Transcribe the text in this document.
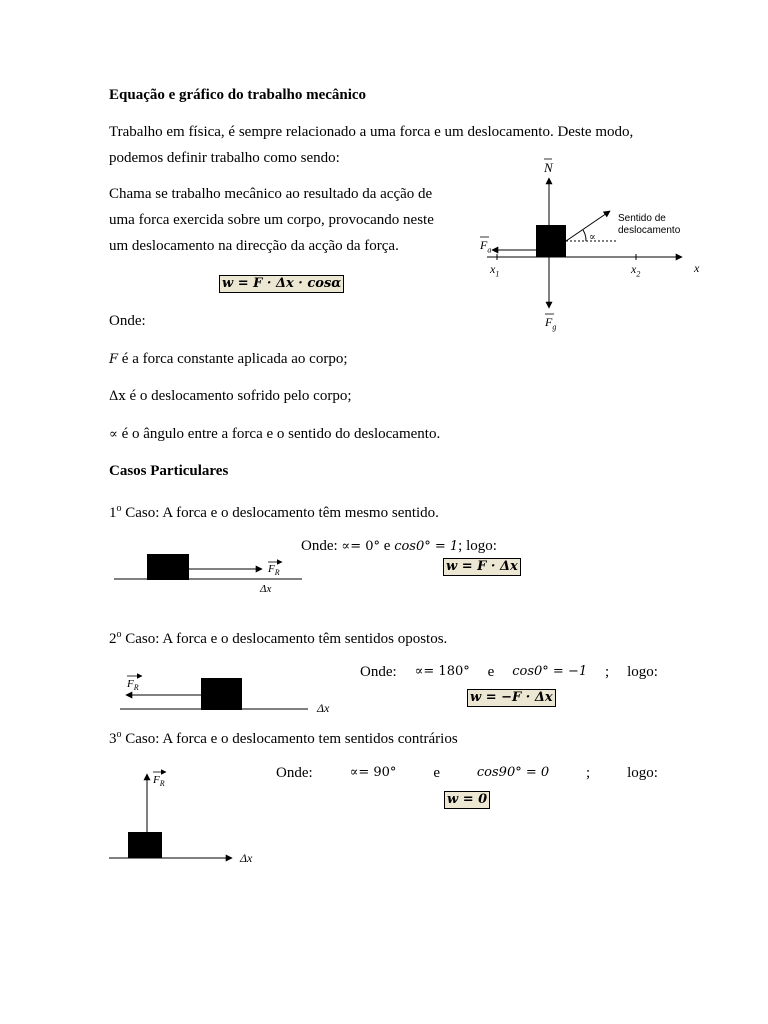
Equação e gráfico do trabalho mecânico
Trabalho em física, é sempre relacionado a uma forca e um deslocamento. Deste modo,
podemos definir trabalho como sendo:
Chama se trabalho mecânico ao resultado da acção de
uma forca exercida sobre um corpo, provocando neste
um deslocamento na direcção da acção da força.
w = F · Δx · cosα
Onde:
F é a forca constante aplicada ao corpo;
Δx é o deslocamento sofrido pelo corpo;
∝ é o ângulo entre a forca e o sentido do deslocamento.
N
$F_a$
$F_g$
$x_1$	$x_2$	x
∝
Sentido de
deslocamento
Casos Particulares
1$^o$ Caso: A forca e o deslocamento têm mesmo sentido.
$F_R$
Δx
Onde: ∝= 0° e cos0° = 1; logo:
w = F · Δx
2$^o$ Caso: A forca e o deslocamento têm sentidos opostos.
$F_R$
Δx
Onde: ∝= 180° e cos0° = −1 ; logo:
w = −F · Δx
3$^o$ Caso: A forca e o deslocamento tem sentidos contrários
$F_R$
Δx
Onde:	∝= 90° e	cos90° = 0 ; logo:
w = 0
